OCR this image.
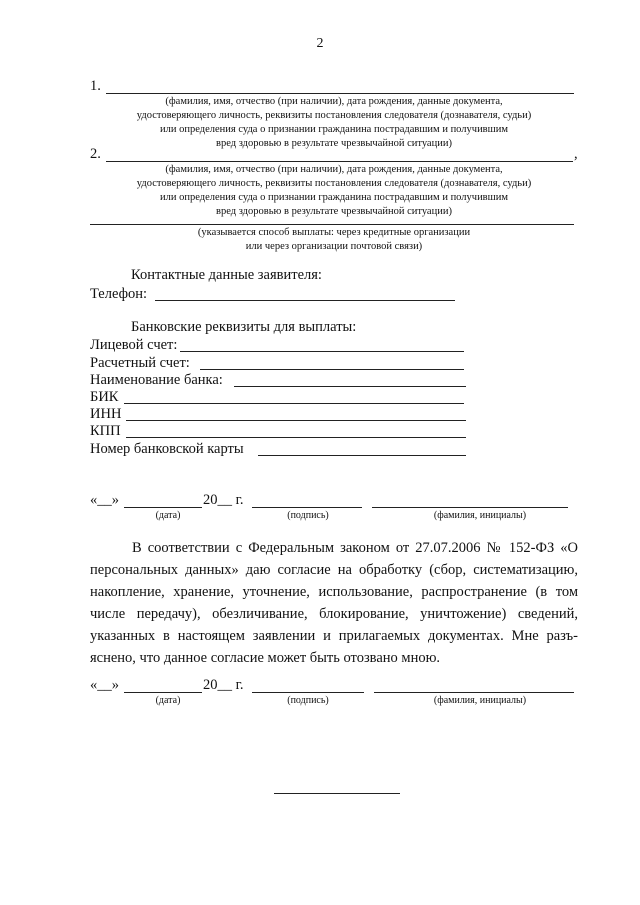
2
1.
(фамилия, имя, отчество (при наличии), дата рождения, данные документа,
удостоверяющего личность, реквизиты постановления следователя (дознавателя, судьи)
или определения суда о признании гражданина пострадавшим и получившим
вред здоровью в результате чрезвычайной ситуации)
2.	,
(фамилия, имя, отчество (при наличии), дата рождения, данные документа,
удостоверяющего личность, реквизиты постановления следователя (дознавателя, судьи)
или определения суда о признании гражданина пострадавшим и получившим
вред здоровью в результате чрезвычайной ситуации)
(указывается способ выплаты: через кредитные организации
или через организации почтовой связи)
Контактные данные заявителя:
Телефон:
Банковские реквизиты для выплаты:
Лицевой счет:
Расчетный счет:
Наименование банка:
БИК
ИНН
КПП
Номер банковской карты
«__»	20__ г.
(дата)	(подпись)	(фамилия, инициалы)
В соответствии с Федеральным законом от 27.07.2006 № 152-ФЗ «О
персональных данных» даю согласие на обработку (сбор, систематизацию,
накопление, хранение, уточнение, использование, распространение (в том
числе передачу), обезличивание, блокирование, уничтожение) сведений,
указанных в настоящем заявлении и прилагаемых документах. Мне разъ-
яснено, что данное согласие может быть отозвано мною.
«__»	20__ г.
(дата)	(подпись)	(фамилия, инициалы)
